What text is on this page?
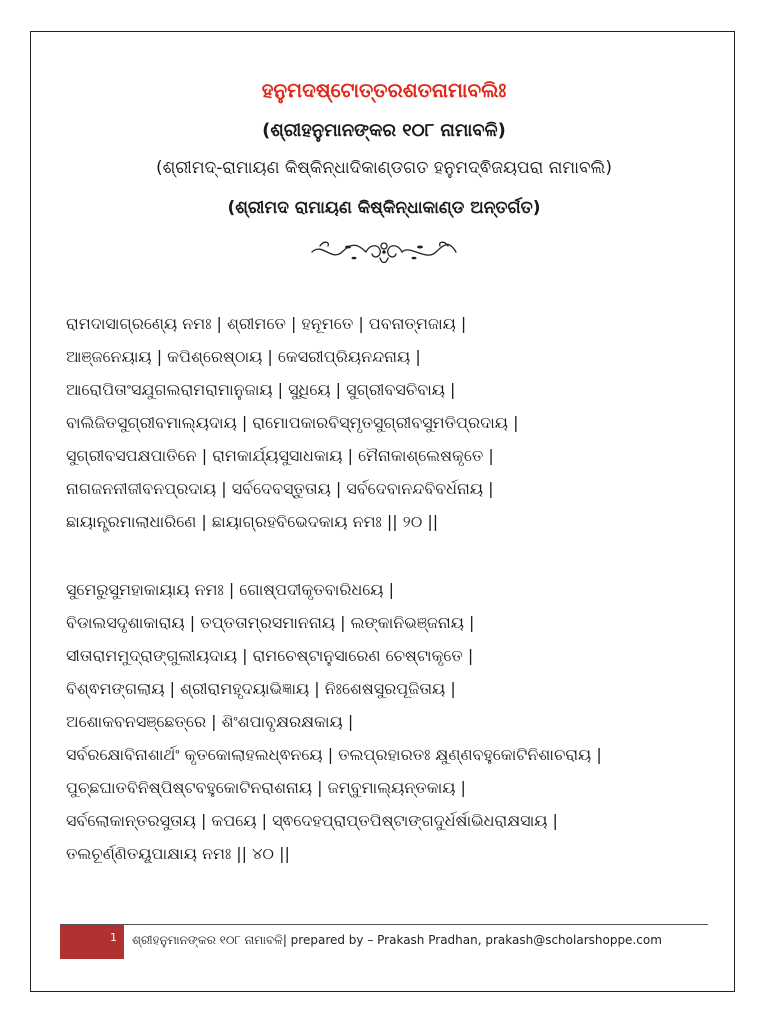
ହନୁମଦଷ୍ଟୋତ୍ତରଶତନାମାବଲିଃ
(ଶ୍ରୀହନୁମାନଙ୍କର ୧୦୮ ନାମାବଳି)
(ଶ୍ରୀମଦ୍-ରାମାୟଣ କିଷ୍କିନ୍ଧାଦିକାଣ୍ଡଗତ ହନୁମଦ୍ଵିଜୟପରା ନାମାବଲି)
(ଶ୍ରୀମଦ ରାମାୟଣ କିଷ୍କିନ୍ଧାକାଣ୍ଡ ଅନ୍ତର୍ଗତ)
ରାମଦାସାଗ୍ରଣ୍ୟେ ନମଃ | ଶ୍ରୀମତେ | ହନୂମତେ | ପବନାତ୍ମଜାୟ |
ଆଞ୍ଜନେୟାୟ | କପିଶ୍ରେଷ୍ଠାୟ | କେସରୀପ୍ରିୟନନ୍ଦନାୟ |
ଆରୋପିତାଂସଯୁଗଲରାମରାମାନୁଜାୟ | ସୁଧିୟେ | ସୁଗ୍ରୀବସଚିବାୟ |
ବାଲିଜିତସୁଗ୍ରୀବମାଲ୍ୟଦାୟ | ରାମୋପକାରବିସ୍ମୃତସୁଗ୍ରୀବସୁମତିପ୍ରଦାୟ |
ସୁଗ୍ରୀବସପକ୍ଷପାତିନେ | ରାମକାର୍ଯ୍ୟସୁସାଧକାୟ | ମୈନାକାଶ୍ଲେଷକୃତେ |
ନାଗଜନନୀଜୀବନପ୍ରଦାୟ | ସର୍ବଦେବସ୍ତୁତାୟ | ସର୍ବଦେବାନନ୍ଦବିବର୍ଧନାୟ |
ଛାୟାନ୍ତ୍ରମାଲାଧାରିଣେ | ଛାୟାଗ୍ରହବିଭେଦକାୟ ନମଃ || ୨୦ ||
ସୁମେରୁସୁମହାକାୟାୟ ନମଃ | ଗୋଷ୍ପଦୀକୃତବାରିଧୟେ |
ବିଡାଲସଦୃଶାକାରାୟ | ତପ୍ତତାମ୍ରସମାନନାୟ | ଲଙ୍କାନିଭଞ୍ଜନାୟ |
ସୀତାରାମମୁଦ୍ରାଙ୍ଗୁଲୀୟଦାୟ | ରାମଚେଷ୍ଟାନୁସାରେଣ ଚେଷ୍ଟାକୃତେ |
ବିଶ୍ଵମଙ୍ଗଲାୟ | ଶ୍ରୀରାମହୃଦୟାଭିଜ୍ଞାୟ | ନିଃଶେଷସୁରପୂଜିତାୟ |
ଅଶୋକବନସଞ୍ଛେତ୍ରେ | ଶିଂଶପାବୃକ୍ଷରକ୍ଷକାୟ |
ସର୍ବରକ୍ଷୋବିନାଶାର୍ଥଂ କୃତକୋଲାହଲଧ୍ଵନୟେ | ତଲପ୍ରହାରତଃ କ୍ଷୁଣ୍ଣବହୁକୋଟିନିଶାଚରାୟ |
ପୁଚ୍ଛଘାତବିନିଷ୍ପିଷ୍ଟବହୁକୋଟିନରାଶନାୟ | ଜମ୍ବୁମାଲ୍ୟନ୍ତକାୟ |
ସର୍ବଲୋକାନ୍ତରସୁତାୟ | କପୟେ | ସ୍ଵଦେହପ୍ରାପ୍ତପିଷ୍ଟାଙ୍ଗଦୁର୍ଧର୍ଷାଭିଧରାକ୍ଷସାୟ |
ତଲଚୂର୍ଣ୍ଣିତୟୂପାକ୍ଷାୟ ନମଃ || ୪୦ ||
1 ଶ୍ରୀହନୁମାନଙ୍କର ୧୦୮ ନାମାବଳି| prepared by – Prakash Pradhan, prakash@scholarshoppe.com
